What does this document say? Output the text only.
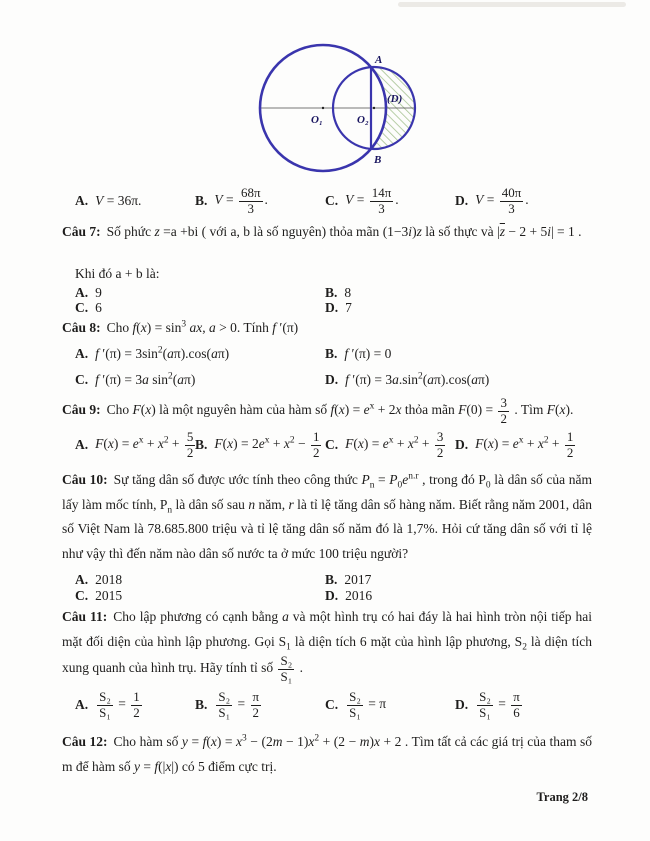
A
B
O₁	O₂
(D)
A. V = 36π.	B. $V = \frac{68\pi}{3}$ .	C. $V = \frac{14\pi}{3}$ .	D. $V = \frac{40\pi}{3}$ .

Câu 7: Số phức z =a +bi ( với a, b là số nguyên) thỏa mãn (1−3i)z là số thực và $|\overline{z} - 2 + 5i| = 1$ .

Khi đó a + b là:

A. 9	B. 8
C. 6	D. 7

Câu 8: Cho $f(x) = \sin^3$ ax, a > 0. Tính f ′(π)

A. f $'(\pi) = 3\sin^2(a\pi).\cos(a\pi)$	B. f ′(π) = 0
C. f ′(π) = 3a $\sin^2(a\pi)$	D. f $'(\pi) = 3a.\sin^2(a\pi).\cos(a\pi)$

Câu 9: Cho F(x) là một nguyên hàm của hàm số $f(x) = e^x + 2x$ thỏa mãn $F(0) = \frac{3}{2}$ . Tìm F(x).

A. $F(x) = e^x + x^2 + \frac{5}{2} B$. $F(x) = 2e^x + x^2 - \frac{1}{2} C$. $F(x) = e^x + x^2 + \frac{3}{2} D$. $F(x) = e^x + x^2 + \frac{1}{2}$

Câu 10: Sự tăng dân số được ước tính theo công thức $P_n = P_0e^{n.r}$ , trong đó $P_0$ là dân số của năm lấy làm mốc tính, $P_n$ là dân số sau n năm, r là tỉ lệ tăng dân số hàng năm. Biết rằng năm 2001, dân số Việt Nam là 78.685.800 triệu và tỉ lệ tăng dân số năm đó là 1,7%. Hỏi cứ tăng dân số với tỉ lệ như vậy thì đến năm nào dân số nước ta ở mức 100 triệu người?

A. 2018	B. 2017
C. 2015	D. 2016

Câu 11: Cho lập phương có cạnh bằng a và một hình trụ có hai đáy là hai hình tròn nội tiếp hai mặt đối diện của hình lập phương. Gọi $S_1$ là diện tích 6 mặt của hình lập phương, $S_2$ là diện tích xung quanh của hình trụ. Hãy tính tỉ số $\frac{\text{S₂}}{\text{S₁}}$ .

A. $\frac{\text{S₂}}{\text{S₁}} = \frac{1}{2}$	B. $\frac{\text{S₂}}{\text{S₁}} = \frac{\pi}{2}$	C. $\frac{\text{S₂}}{\text{S₁}} = \pi$	D. $\frac{\text{S₂}}{\text{S₁}} = \frac{\pi}{6}$

Câu 12: Cho hàm số $y = f(x) = x^3 - (2m - 1)x^2 + (2 - m)x + 2$ . Tìm tất cả các giá trị của tham số m để hàm số y = f(|x|) có 5 điểm cực trị.

Trang 2/8
